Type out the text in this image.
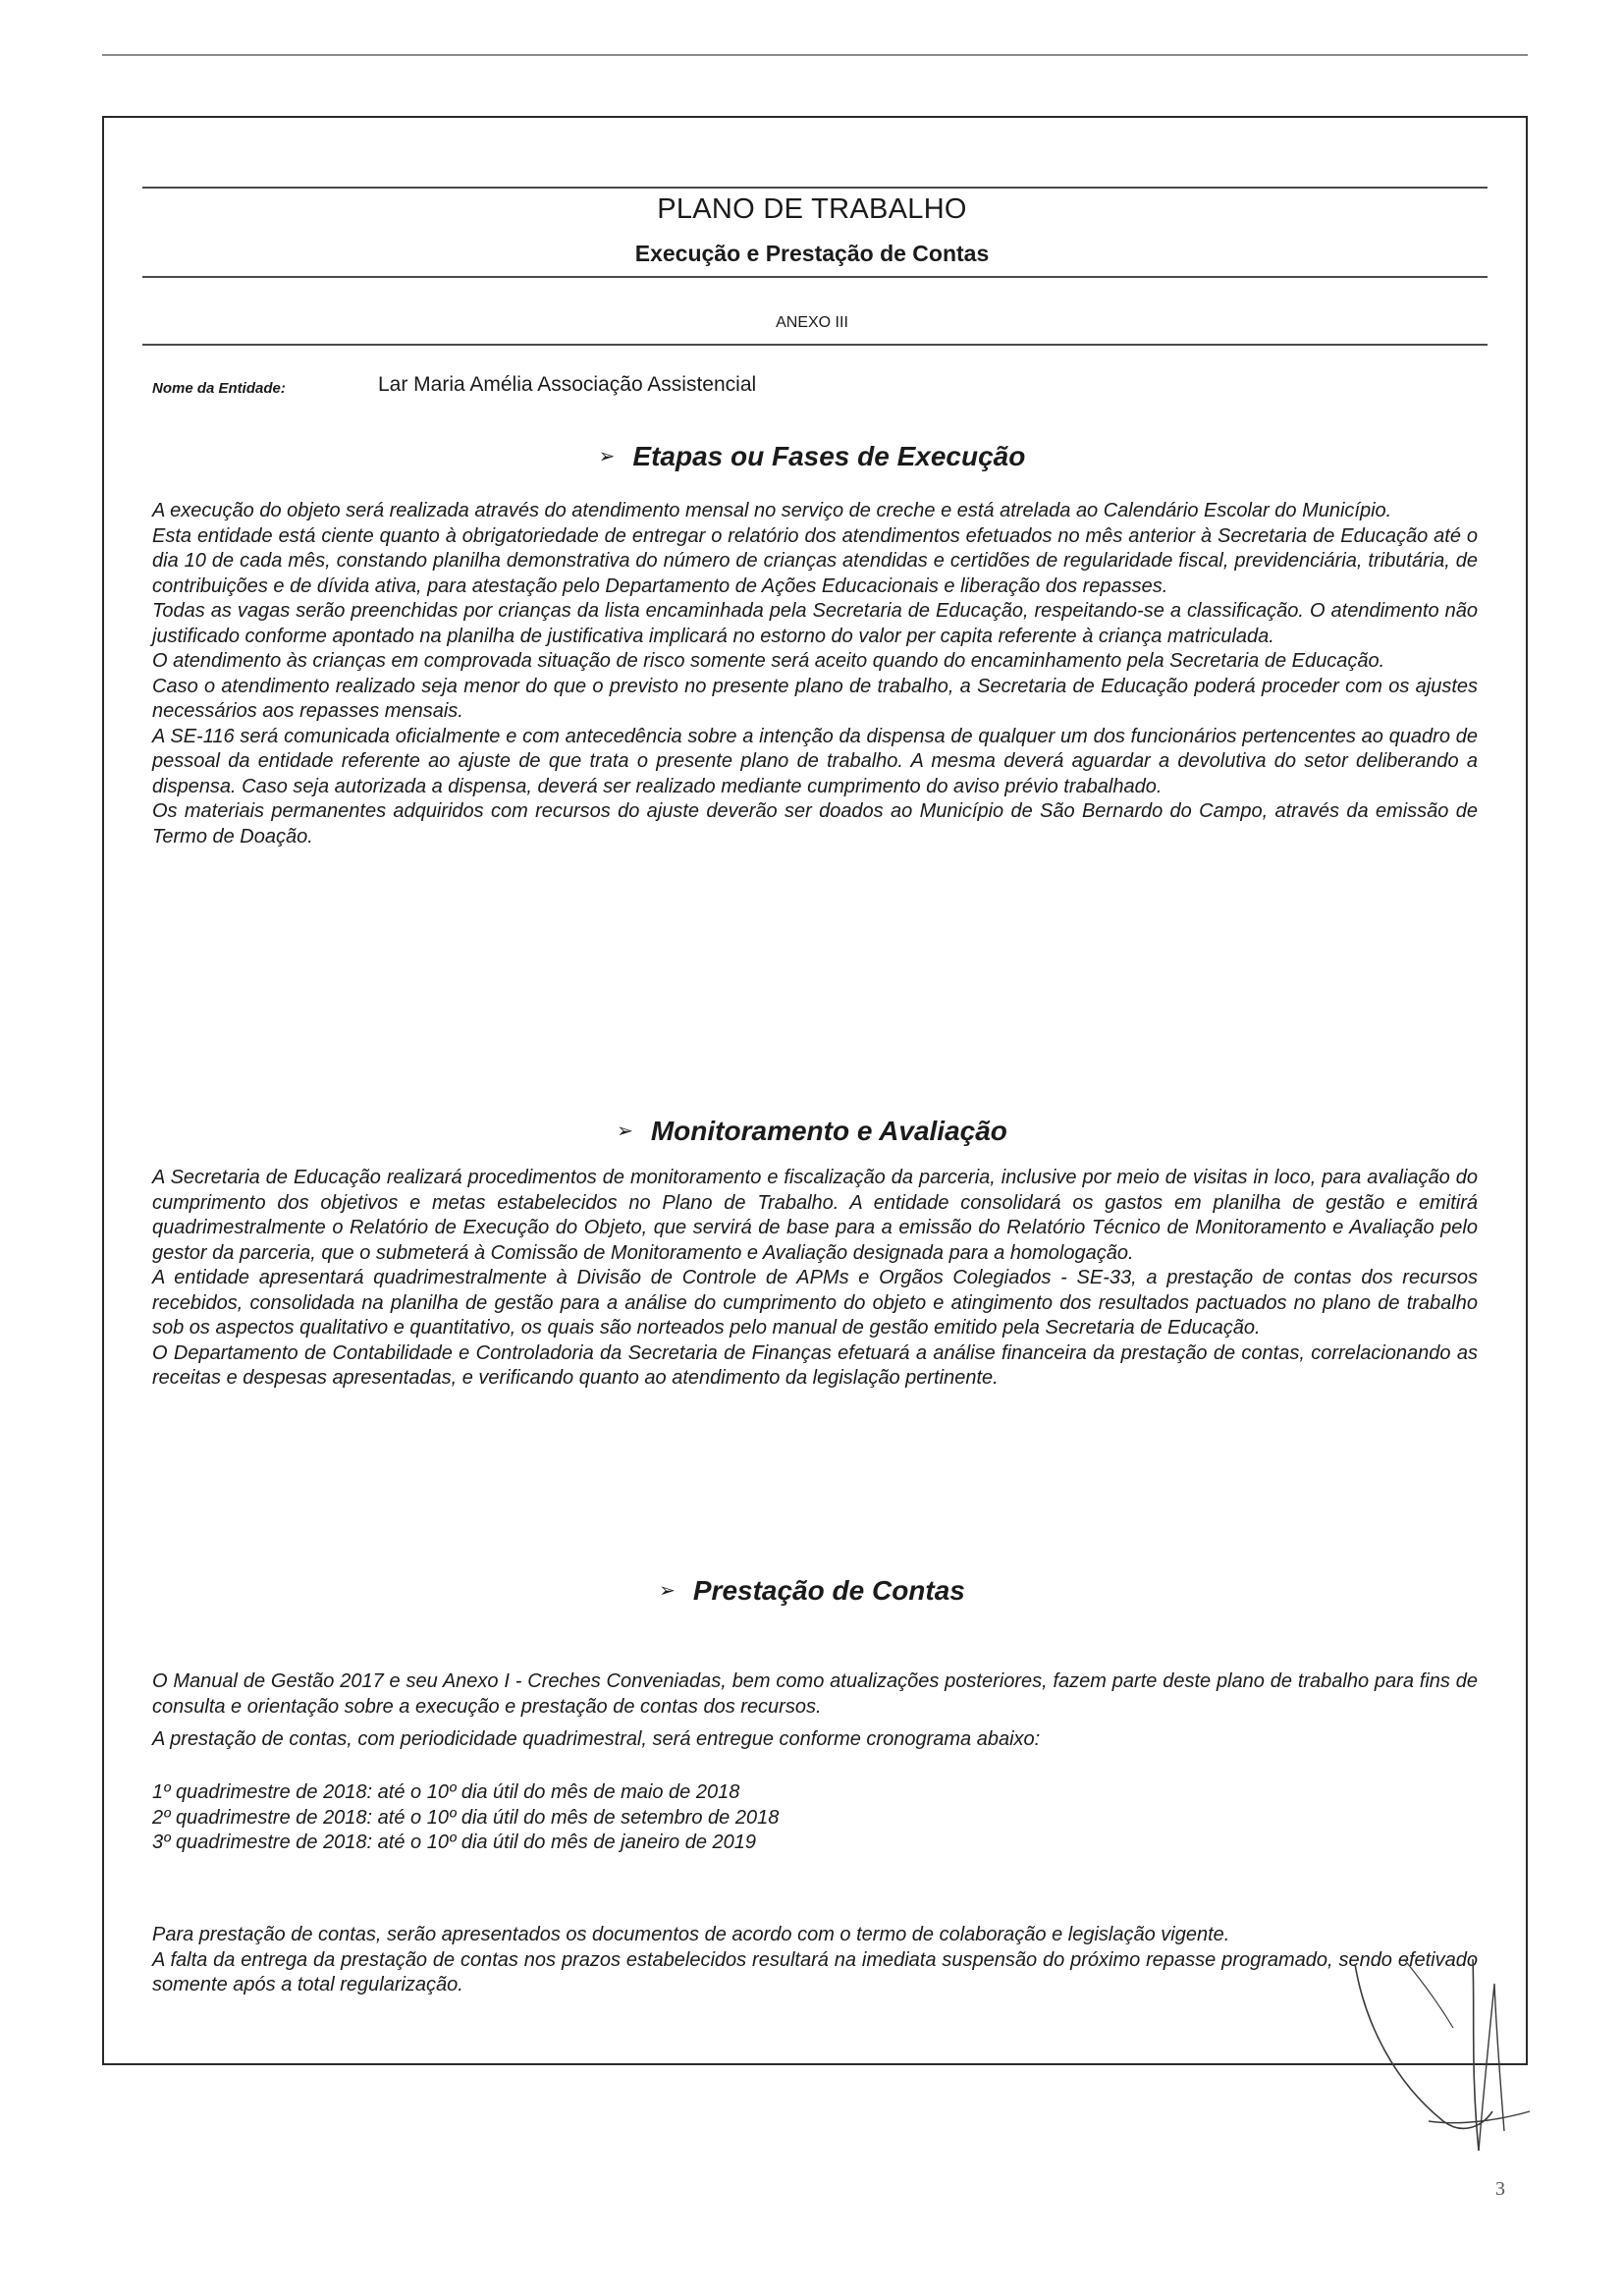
PLANO DE TRABALHO
Execução e Prestação de Contas
ANEXO III
Nome da Entidade:	Lar Maria Amélia Associação Assistencial
➢ Etapas ou Fases de Execução

A execução do objeto será realizada através do atendimento mensal no serviço de creche e está atrelada ao Calendário Escolar do Município.

Esta entidade está ciente quanto à obrigatoriedade de entregar o relatório dos atendimentos efetuados no mês anterior à Secretaria de Educação até o dia 10 de cada mês, constando planilha demonstrativa do número de crianças atendidas e certidões de regularidade fiscal, previdenciária, tributária, de contribuições e de dívida ativa, para atestação pelo Departamento de Ações Educacionais e liberação dos repasses.

Todas as vagas serão preenchidas por crianças da lista encaminhada pela Secretaria de Educação, respeitando-se a classificação. O atendimento não justificado conforme apontado na planilha de justificativa implicará no estorno do valor per capita referente à criança matriculada.

O atendimento às crianças em comprovada situação de risco somente será aceito quando do encaminhamento pela Secretaria de Educação.

Caso o atendimento realizado seja menor do que o previsto no presente plano de trabalho, a Secretaria de Educação poderá proceder com os ajustes necessários aos repasses mensais.

A SE-116 será comunicada oficialmente e com antecedência sobre a intenção da dispensa de qualquer um dos funcionários pertencentes ao quadro de pessoal da entidade referente ao ajuste de que trata o presente plano de trabalho. A mesma deverá aguardar a devolutiva do setor deliberando a dispensa. Caso seja autorizada a dispensa, deverá ser realizado mediante cumprimento do aviso prévio trabalhado.

Os materiais permanentes adquiridos com recursos do ajuste deverão ser doados ao Município de São Bernardo do Campo, através da emissão de Termo de Doação.

➢ Monitoramento e Avaliação

A Secretaria de Educação realizará procedimentos de monitoramento e fiscalização da parceria, inclusive por meio de visitas in loco, para avaliação do cumprimento dos objetivos e metas estabelecidos no Plano de Trabalho. A entidade consolidará os gastos em planilha de gestão e emitirá quadrimestralmente o Relatório de Execução do Objeto, que servirá de base para a emissão do Relatório Técnico de Monitoramento e Avaliação pelo gestor da parceria, que o submeterá à Comissão de Monitoramento e Avaliação designada para a homologação.

A entidade apresentará quadrimestralmente à Divisão de Controle de APMs e Orgãos Colegiados - SE-33, a prestação de contas dos recursos recebidos, consolidada na planilha de gestão para a análise do cumprimento do objeto e atingimento dos resultados pactuados no plano de trabalho sob os aspectos qualitativo e quantitativo, os quais são norteados pelo manual de gestão emitido pela Secretaria de Educação.

O Departamento de Contabilidade e Controladoria da Secretaria de Finanças efetuará a análise financeira da prestação de contas, correlacionando as receitas e despesas apresentadas, e verificando quanto ao atendimento da legislação pertinente.

➢ Prestação de Contas

O Manual de Gestão 2017 e seu Anexo I - Creches Conveniadas, bem como atualizações posteriores, fazem parte deste plano de trabalho para fins de consulta e orientação sobre a execução e prestação de contas dos recursos.

A prestação de contas, com periodicidade quadrimestral, será entregue conforme cronograma abaixo:

1º quadrimestre de 2018: até o 10º dia útil do mês de maio de 2018

2º quadrimestre de 2018: até o 10º dia útil do mês de setembro de 2018

3º quadrimestre de 2018: até o 10º dia útil do mês de janeiro de 2019

Para prestação de contas, serão apresentados os documentos de acordo com o termo de colaboração e legislação vigente.

A falta da entrega da prestação de contas nos prazos estabelecidos resultará na imediata suspensão do próximo repasse programado, sendo efetivado somente após a total regularização.

3
